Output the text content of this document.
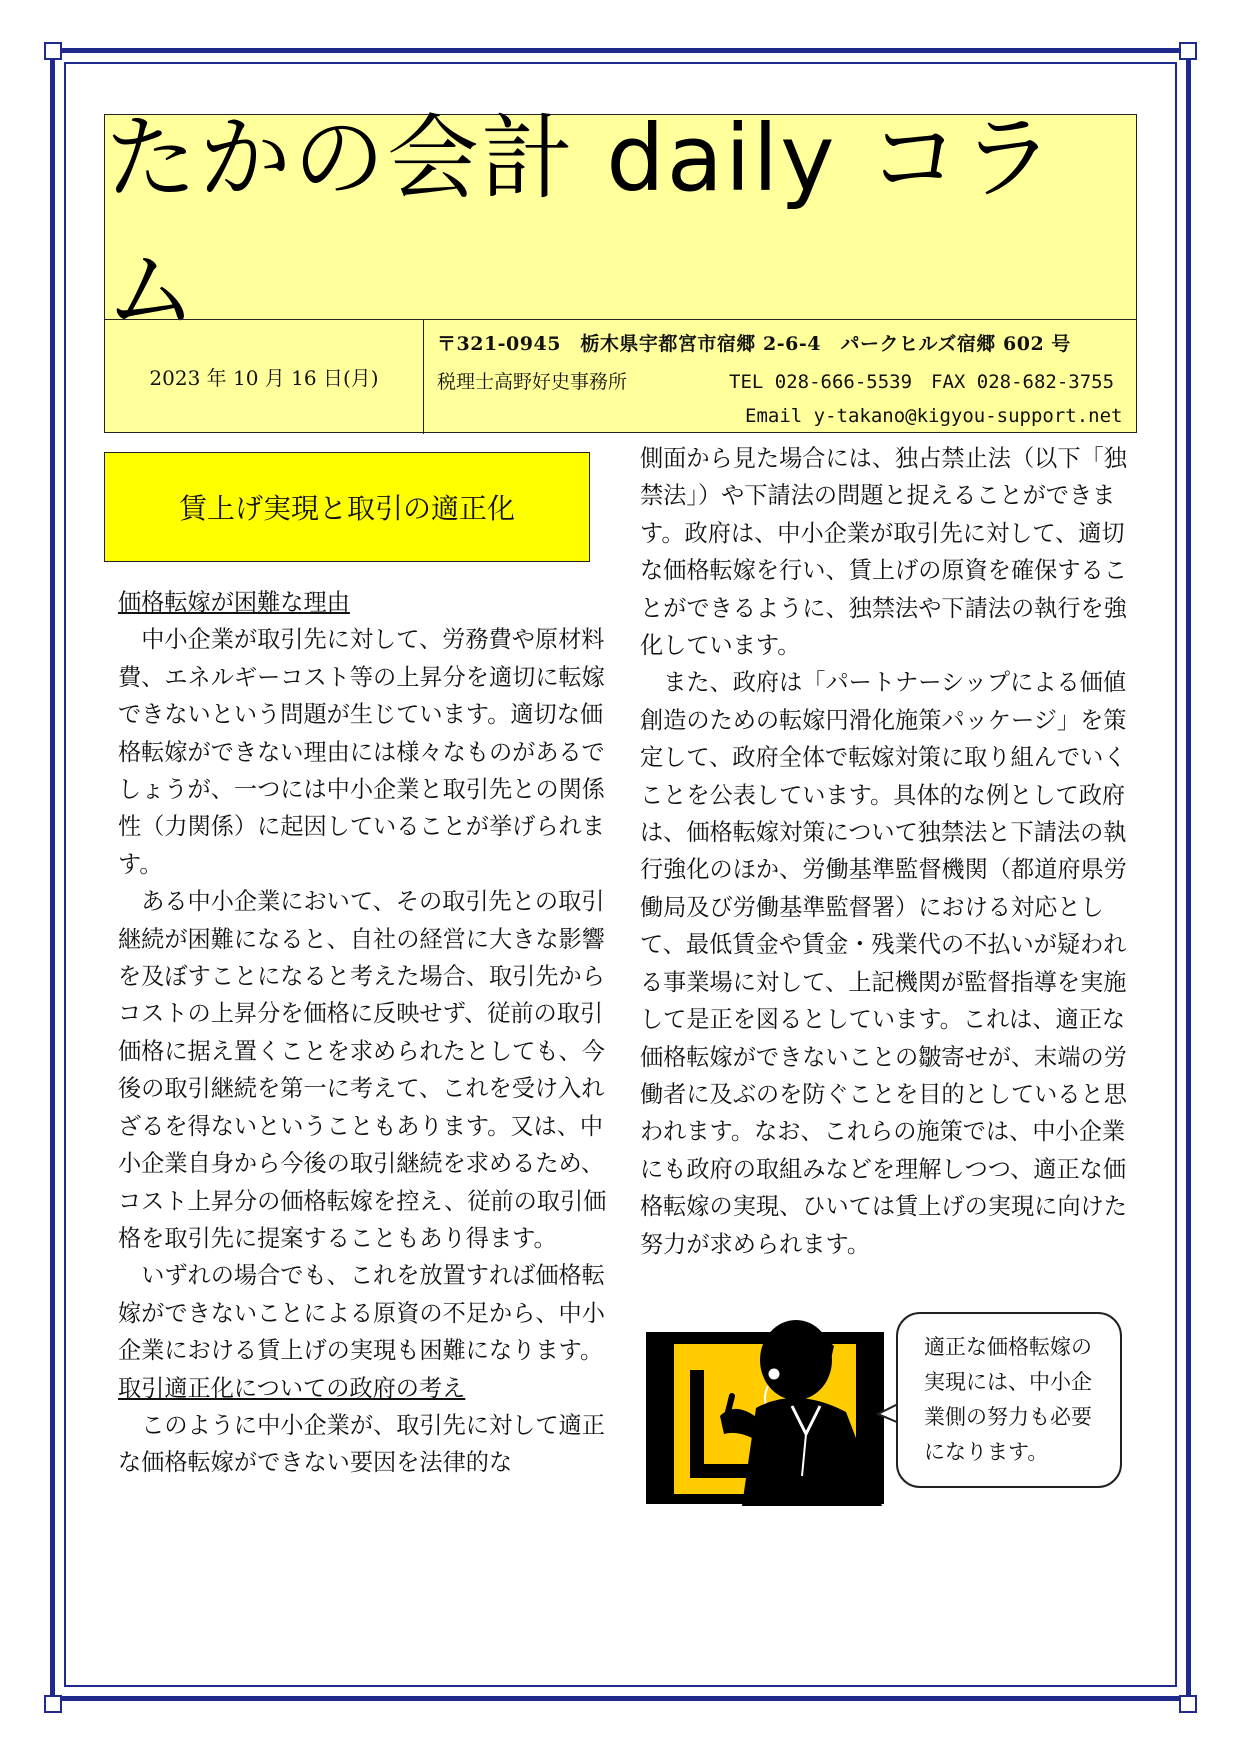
たかの会計 daily コラム
2023 年 10 月 16 日(月)
〒321-0945　栃木県宇都宮市宿郷 2-6-4　パークヒルズ宿郷 602 号
税理士高野好史事務所	TEL 028-666-5539　FAX 028-682-3755
Email y-takano@kigyou-support.net
賃上げ実現と取引の適正化

価格転嫁が困難な理由

中小企業が取引先に対して、労務費や原材料費、エネルギーコスト等の上昇分を適切に転嫁できないという問題が生じています。適切な価格転嫁ができない理由には様々なものがあるでしょうが、一つには中小企業と取引先との関係性（力関係）に起因していることが挙げられます。

ある中小企業において、その取引先との取引継続が困難になると、自社の経営に大きな影響を及ぼすことになると考えた場合、取引先からコストの上昇分を価格に反映せず、従前の取引価格に据え置くことを求められたとしても、今後の取引継続を第一に考えて、これを受け入れざるを得ないということもあります。又は、中小企業自身から今後の取引継続を求めるため、コスト上昇分の価格転嫁を控え、従前の取引価格を取引先に提案することもあり得ます。

いずれの場合でも、これを放置すれば価格転嫁ができないことによる原資の不足から、中小企業における賃上げの実現も困難になります。

取引適正化についての政府の考え

このように中小企業が、取引先に対して適正な価格転嫁ができない要因を法律的な

側面から見た場合には、独占禁止法（以下「独禁法」）や下請法の問題と捉えることができます。政府は、中小企業が取引先に対して、適切な価格転嫁を行い、賃上げの原資を確保することができるように、独禁法や下請法の執行を強化しています。

また、政府は「パートナーシップによる価値創造のための転嫁円滑化施策パッケージ」を策定して、政府全体で転嫁対策に取り組んでいくことを公表しています。具体的な例として政府は、価格転嫁対策について独禁法と下請法の執行強化のほか、労働基準監督機関（都道府県労働局及び労働基準監督署）における対応として、最低賃金や賃金・残業代の不払いが疑われる事業場に対して、上記機関が監督指導を実施して是正を図るとしています。これは、適正な価格転嫁ができないことの皺寄せが、末端の労働者に及ぶのを防ぐことを目的としていると思われます。なお、これらの施策では、中小企業にも政府の取組みなどを理解しつつ、適正な価格転嫁の実現、ひいては賃上げの実現に向けた努力が求められます。

適正な価格転嫁の実現には、中小企業側の努力も必要になります。
